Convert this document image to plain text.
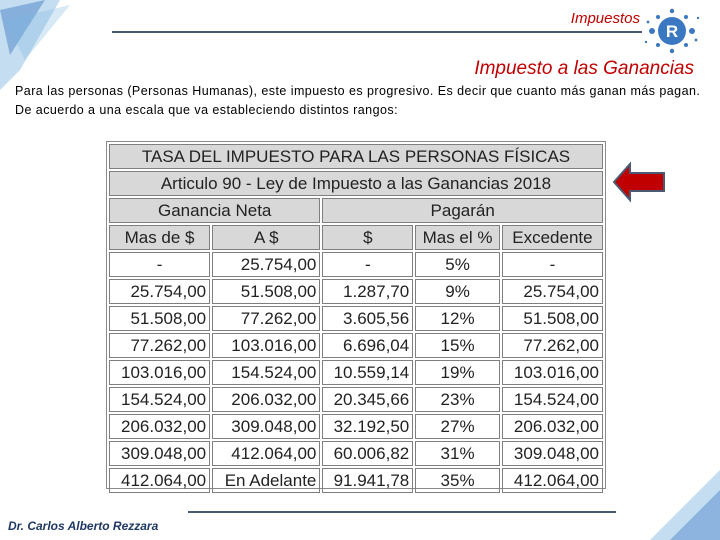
Impuestos
R
Impuesto a las Ganancias
Para las personas (Personas Humanas), este impuesto es progresivo. Es decir que cuanto más ganan más pagan. De acuerdo a una escala que va estableciendo distintos rangos:
TASA DEL IMPUESTO PARA LAS PERSONAS FÍSICAS				
Articulo 90 - Ley de Impuesto a las Ganancias 2018				
Ganancia Neta		Pagarán		
Mas de $	A $	$	Mas el %	Excedente
-	25.754,00	-	5%	-
25.754,00	51.508,00	1.287,70	9%	25.754,00
51.508,00	77.262,00	3.605,56	12%	51.508,00
77.262,00	103.016,00	6.696,04	15%	77.262,00
103.016,00	154.524,00	10.559,14	19%	103.016,00
154.524,00	206.032,00	20.345,66	23%	154.524,00
206.032,00	309.048,00	32.192,50	27%	206.032,00
309.048,00	412.064,00	60.006,82	31%	309.048,00
412.064,00	En Adelante	91.941,78	35%	412.064,00
Dr. Carlos Alberto Rezzara
